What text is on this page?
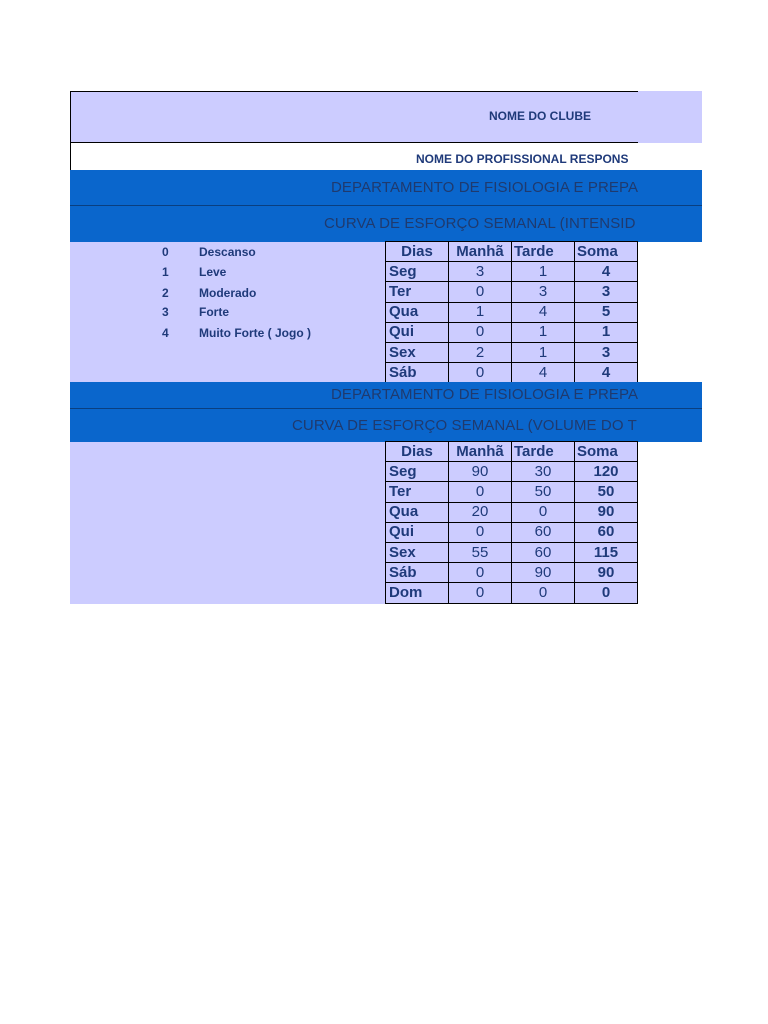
NOME DO CLUBE
NOME DO PROFISSIONAL RESPONS
DEPARTAMENTO DE FISIOLOGIA E PREPA
CURVA DE ESFORÇO SEMANAL (INTENSID
0	Descanso
1	Leve
2	Moderado
3	Forte
4	Muito Forte ( Jogo )
Dias	Manhã	Tarde	Soma
Seg	3	1	4
Ter	0	3	3
Qua	1	4	5
Qui	0	1	1
Sex	2	1	3
Sáb	0	4	4
DEPARTAMENTO DE FISIOLOGIA E PREPA
CURVA DE ESFORÇO SEMANAL (VOLUME DO T
Dias	Manhã	Tarde	Soma
Seg	90	30	120
Ter	0	50	50
Qua	20	0	90
Qui	0	60	60
Sex	55	60	115
Sáb	0	90	90
Dom	0	0	0
